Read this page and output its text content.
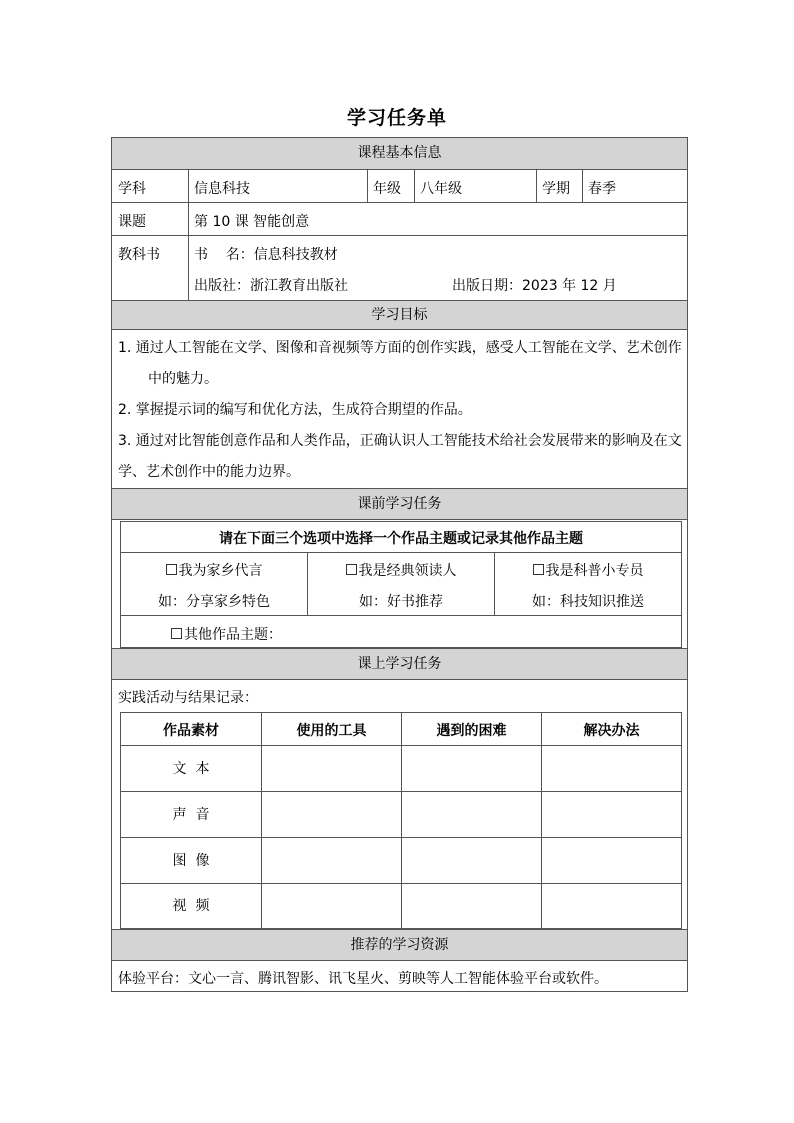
学习任务单
课程基本信息
学科	信息科技	年级 八年级	学期 春季
课题	第 10 课 智能创意
教科书 书    名：信息科技教材
出版社：浙江教育出版社	出版日期：2023 年 12 月
学习目标
1. 通过人工智能在文学、图像和音视频等方面的创作实践，感受人工智能在文学、艺术创作
中的魅力。
2. 掌握提示词的编写和优化方法，生成符合期望的作品。
3. 通过对比智能创意作品和人类作品，正确认识人工智能技术给社会发展带来的影响及在文
学、艺术创作中的能力边界。
课前学习任务
请在下面三个选项中选择一个作品主题或记录其他作品主题
我为家乡代言
如：分享家乡特色
我是经典领读人
如：好书推荐
我是科普小专员
如：科技知识推送
其他作品主题：
课上学习任务
实践活动与结果记录：
作品素材	使用的工具	遇到的困难	解决办法
文  本
声  音
图  像
视  频
推荐的学习资源
体验平台：文心一言、腾讯智影、讯飞星火、剪映等人工智能体验平台或软件。
